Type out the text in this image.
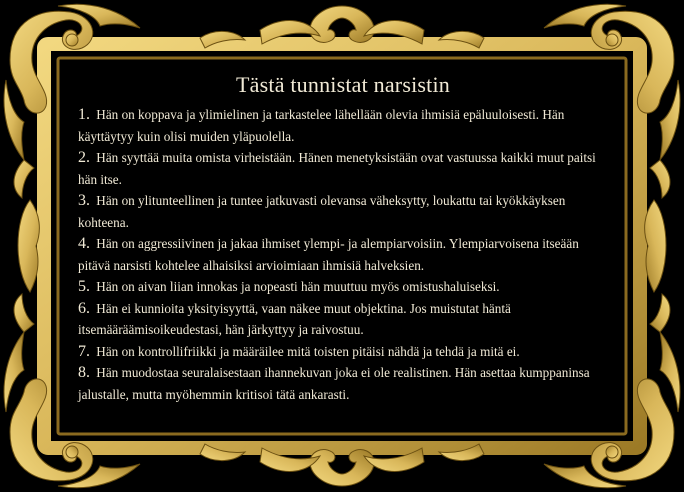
Tästä tunnistat narsistin
1. Hän on koppava ja ylimielinen ja tarkastelee lähellään olevia ihmisiä epäluuloisesti. Hän käyttäytyy kuin olisi muiden yläpuolella.
2. Hän syyttää muita omista virheistään. Hänen menetyksistään ovat vastuussa kaikki muut paitsi hän itse.
3. Hän on ylitunteellinen ja tuntee jatkuvasti olevansa väheksytty, loukattu tai kyökkäyksen kohteena.
4. Hän on aggressiivinen ja jakaa ihmiset ylempi- ja alempiarvoisiin. Ylempiarvoisena itseään pitävä narsisti kohtelee alhaisiksi arvioimiaan ihmisiä halveksien.
5. Hän on aivan liian innokas ja nopeasti hän muuttuu myös omistushaluiseksi.
6. Hän ei kunnioita yksityisyyttä, vaan näkee muut objektina. Jos muistutat häntä itsemääräämisoikeudestasi, hän järkyttyy ja raivostuu.
7. Hän on kontrollifriikki ja määräilee mitä toisten pitäisi nähdä ja tehdä ja mitä ei.
8. Hän muodostaa seuralaisestaan ihannekuvan joka ei ole realistinen. Hän asettaa kumppaninsa jalustalle, mutta myöhemmin kritisoi tätä ankarasti.
